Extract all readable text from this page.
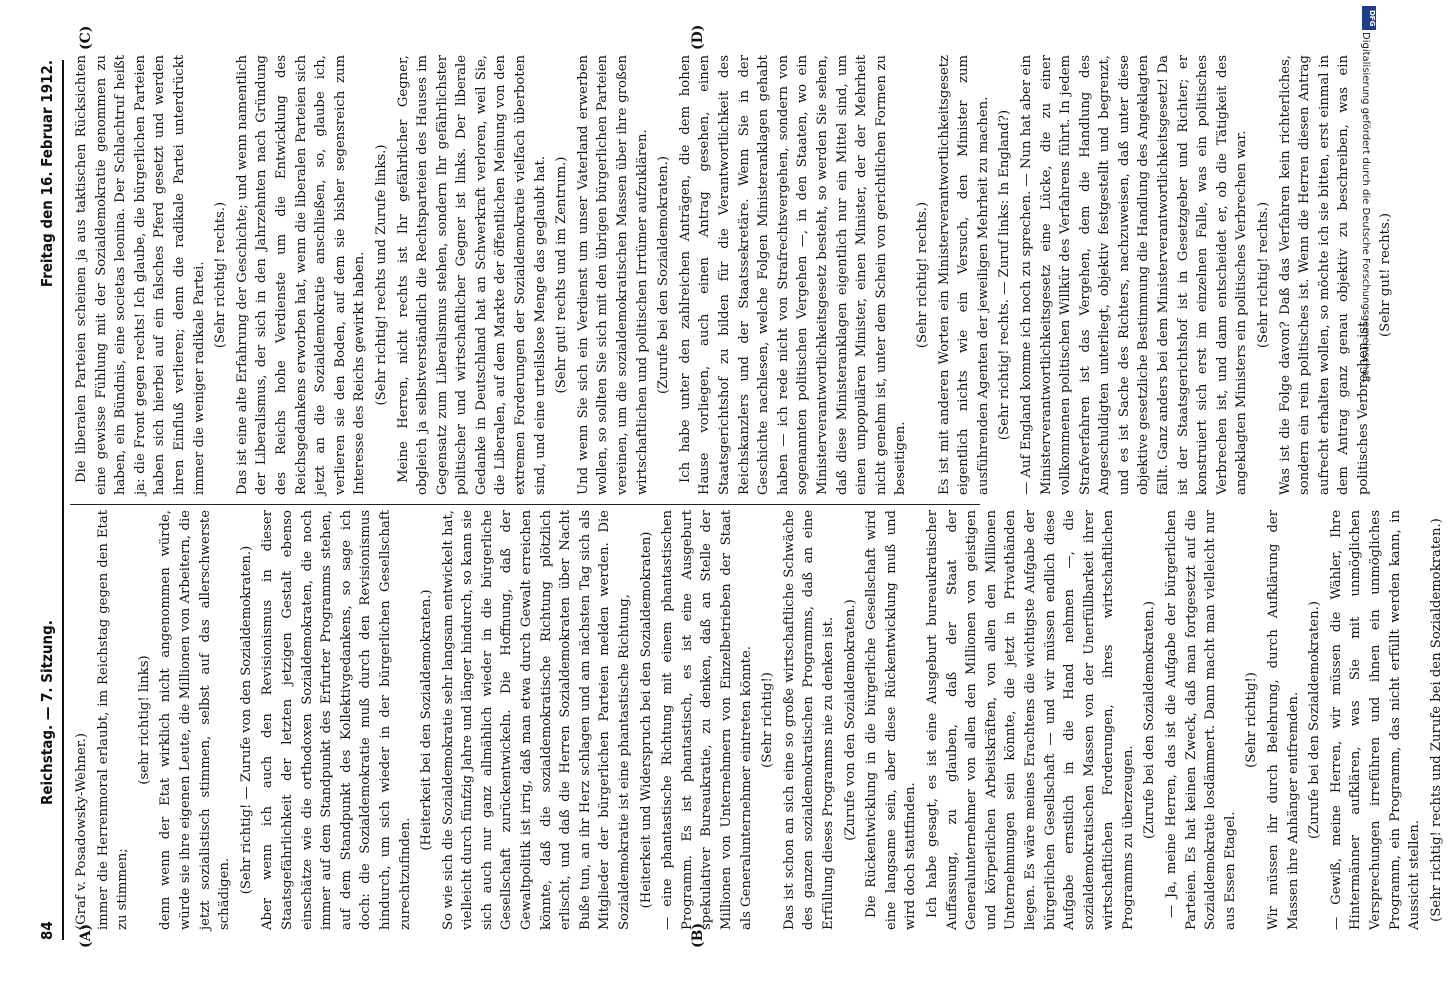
DFG
Digitalisierung gefördert durch die Deutsche Forschungsgemeinschaft
84
Reichstag. — 7. Sitzung.
Freitag den 16. Februar 1912.
(A)	(B)
(C)	(D)

(Graf v. Posadowsky-Wehner.) immer die Herrenmoral erlaubt, im Reichstag gegen den Etat zu stimmen;

(sehr richtig! links) denn wenn der Etat wirklich nicht angenommen würde, würde sie ihre eigenen Leute, die Millionen von Arbeitern, die jetzt sozialistisch stimmen, selbst auf das allerschwerste schädigen. (Sehr richtig! — Zurufe von den Sozialdemokraten.) Aber wenn ich auch den Revisionismus in dieser Staatsgefährlichkeit der letzten jetzigen Gestalt ebenso einschätze wie die orthodoxen Sozialdemokraten, die noch immer auf dem Standpunkt des Erfurter Programms stehen, auf dem Standpunkt des Kollektivgedankens, so sage ich doch: die Sozialdemokratie muß durch den Revisionismus hindurch, um sich wieder in der bürgerlichen Gesellschaft zurechtzufinden.

(Heiterkeit bei den Sozialdemokraten.) So wie sich die Sozialdemokratie sehr langsam entwickelt hat, vielleicht durch fünfzig Jahre und länger hindurch, so kann sie sich auch nur ganz allmählich wieder in die bürgerliche Gesellschaft zurückentwickeln. Die Hoffnung, daß der Gewaltpolitik ist irrig, daß man etwa durch Gewalt erreichen könnte, daß die sozialdemokratische Richtung plötzlich erlischt, und daß die Herren Sozialdemokraten über Nacht Buße tun, an ihr Herz schlagen und am nächsten Tag sich als Mitglieder der bürgerlichen Parteien melden werden. Die Sozialdemokratie ist eine phantastische Richtung, (Heiterkeit und Widerspruch bei den Sozialdemokraten) — eine phantastische Richtung mit einem phantastischen Programm. Es ist phantastisch, es ist eine Ausgeburt spekulativer Bureaukratie, zu denken, daß an Stelle der Millionen von Unternehmern von Einzelbetrieben der Staat als Generalunternehmer eintreten könnte. (Sehr richtig!) Das ist schon an sich eine so große wirtschaftliche Schwäche des ganzen sozialdemokratischen Programms, daß an eine Erfüllung dieses Programms nie zu denken ist. (Zurufe von den Sozialdemokraten.) Die Rückentwicklung in die bürgerliche Gesellschaft wird eine langsame sein, aber diese Rückentwicklung muß und wird doch stattfinden. Ich habe gesagt, es ist eine Ausgeburt bureaukratischer Auffassung, zu glauben, daß der Staat der Generalunternehmer von allen den Millionen von geistigen und körperlichen Arbeitskräften, von allen den Millionen Unternehmungen sein könnte, die jetzt in Privathänden liegen. Es wäre meines Erachtens die wichtigste Aufgabe der bürgerlichen Gesellschaft — und wir müssen endlich diese Aufgabe ernstlich in die Hand nehmen —, die sozialdemokratischen Massen von der Unerfüllbarkeit ihrer wirtschaftlichen Forderungen, ihres wirtschaftlichen Programms zu überzeugen. (Zurufe bei den Sozialdemokraten.) — Ja, meine Herren, das ist die Aufgabe der bürgerlichen Parteien. Es hat keinen Zweck, daß man fortgesetzt auf die Sozialdemokratie losdämmert. Dann macht man vielleicht nur aus Essen Etagel.

(Sehr richtig!) Wir müssen ihr durch Belehrung, durch Aufklärung der Massen ihre Anhänger entfremden. (Zurufe bei den Sozialdemokraten.) — Gewiß, meine Herren, wir müssen die Wähler, Ihre Hintermänner aufklären, was Sie mit unmöglichen Versprechungen irreführen und ihnen ein unmögliches Programm, ein Programm, das nicht erfüllt werden kann, in Aussicht stellen. (Sehr richtig! rechts und Zurufe bei den Sozialdemokraten.)

Die liberalen Parteien scheinen ja aus taktischen Rücksichten eine gewisse Fühlung mit der Sozialdemokratie genommen zu haben, ein Bündnis, eine societas leonina. Der Schlachtruf heißt ja: die Front gegen rechts! Ich glaube, die bürgerlichen Parteien haben sich hierbei auf ein falsches Pferd gesetzt und werden ihren Einfluß verlieren; denn die radikale Partei unterdrückt immer die weniger radikale Partei. (Sehr richtig! rechts.) Das ist eine alte Erfahrung der Geschichte; und wenn namentlich der Liberalismus, der sich in den Jahrzehnten nach Gründung des Reichs hohe Verdienste um die Entwicklung des Reichsgedankens erworben hat, wenn die liberalen Parteien sich jetzt an die Sozialdemokratie anschließen, so, glaube ich, verlieren sie den Boden, auf dem sie bisher segensreich zum Interesse des Reichs gewirkt haben. (Sehr richtig! rechts und Zurufe links.) Meine Herren, nicht rechts ist Ihr gefährlicher Gegner, obgleich ja selbstverständlich die Rechtsparteien des Hauses im Gegensatz zum Liberalismus stehen, sondern Ihr gefährlichster politischer und wirtschaftlicher Gegner ist links. Der liberale Gedanke in Deutschland hat an Schwerkraft verloren, weil Sie, die Liberalen, auf dem Markte der öffentlichen Meinung von den extremen Forderungen der Sozialdemokratie vielfach überboten sind, und eine urteilslose Menge das geglaubt hat. (Sehr gut! rechts und im Zentrum.) Und wenn Sie sich ein Verdienst um unser Vaterland erwerben wollen, so sollten Sie sich mit den übrigen bürgerlichen Parteien vereinen, um die sozialdemokratischen Massen über ihre großen wirtschaftlichen und politischen Irrtümer aufzuklären. (Zurufe bei den Sozialdemokraten.) Ich habe unter den zahlreichen Anträgen, die dem hohen Hause vorliegen, auch einen Antrag gesehen, einen Staatsgerichtshof zu bilden für die Verantwortlichkeit des Reichskanzlers und der Staatssekretäre. Wenn Sie in der Geschichte nachlesen, welche Folgen Ministeranklagen gehabt haben — ich rede nicht von Strafrechtsvergehen, sondern von sogenannten politischen Vergehen —, in den Staaten, wo ein Ministerverantwortlichkeitsgesetz besteht, so werden Sie sehen, daß diese Ministeranklagen eigentlich nur ein Mittel sind, um einen unpopulären Minister, einen Minister, der der Mehrheit nicht genehm ist, unter dem Schein von gerichtlichen Formen zu beseitigen.

(Sehr richtig! rechts.) Es ist mit anderen Worten ein Ministerverantwortlichkeitsgesetz eigentlich nichts wie ein Versuch, den Minister zum ausführenden Agenten der jeweiligen Mehrheit zu machen. (Sehr richtig! rechts. — Zuruf links: In England?) — Auf England komme ich noch zu sprechen. — Nun hat aber ein Ministerverantwortlichkeitsgesetz eine Lücke, die zu einer vollkommenen politischen Willkür des Verfahrens führt. In jedem Strafverfahren ist das Vergehen, dem die Handlung des Angeschuldigten unterliegt, objektiv festgestellt und begrenzt, und es ist Sache des Richters, nachzuweisen, daß unter diese objektive gesetzliche Bestimmung die Handlung des Angeklagten fällt. Ganz anders bei dem Ministerverantwortlichkeitsgesetz! Da ist der Staatsgerichtshof ist in Gesetzgeber und Richter; er konstruiert sich erst im einzelnen Falle, was ein politisches Verbrechen ist, und dann entscheidet er, ob die Tätigkeit des angeklagten Ministers ein politisches Verbrechen war. (Sehr richtig! rechts.) Was ist die Folge davon? Daß das Verfahren kein richterliches, sondern ein rein politisches ist. Wenn die Herren diesen Antrag aufrecht erhalten wollen, so möchte ich sie bitten, erst einmal in dem Antrag ganz genau objektiv zu beschreiben, was ein politisches Verbrechen ist.

(Sehr gut! rechts.)
